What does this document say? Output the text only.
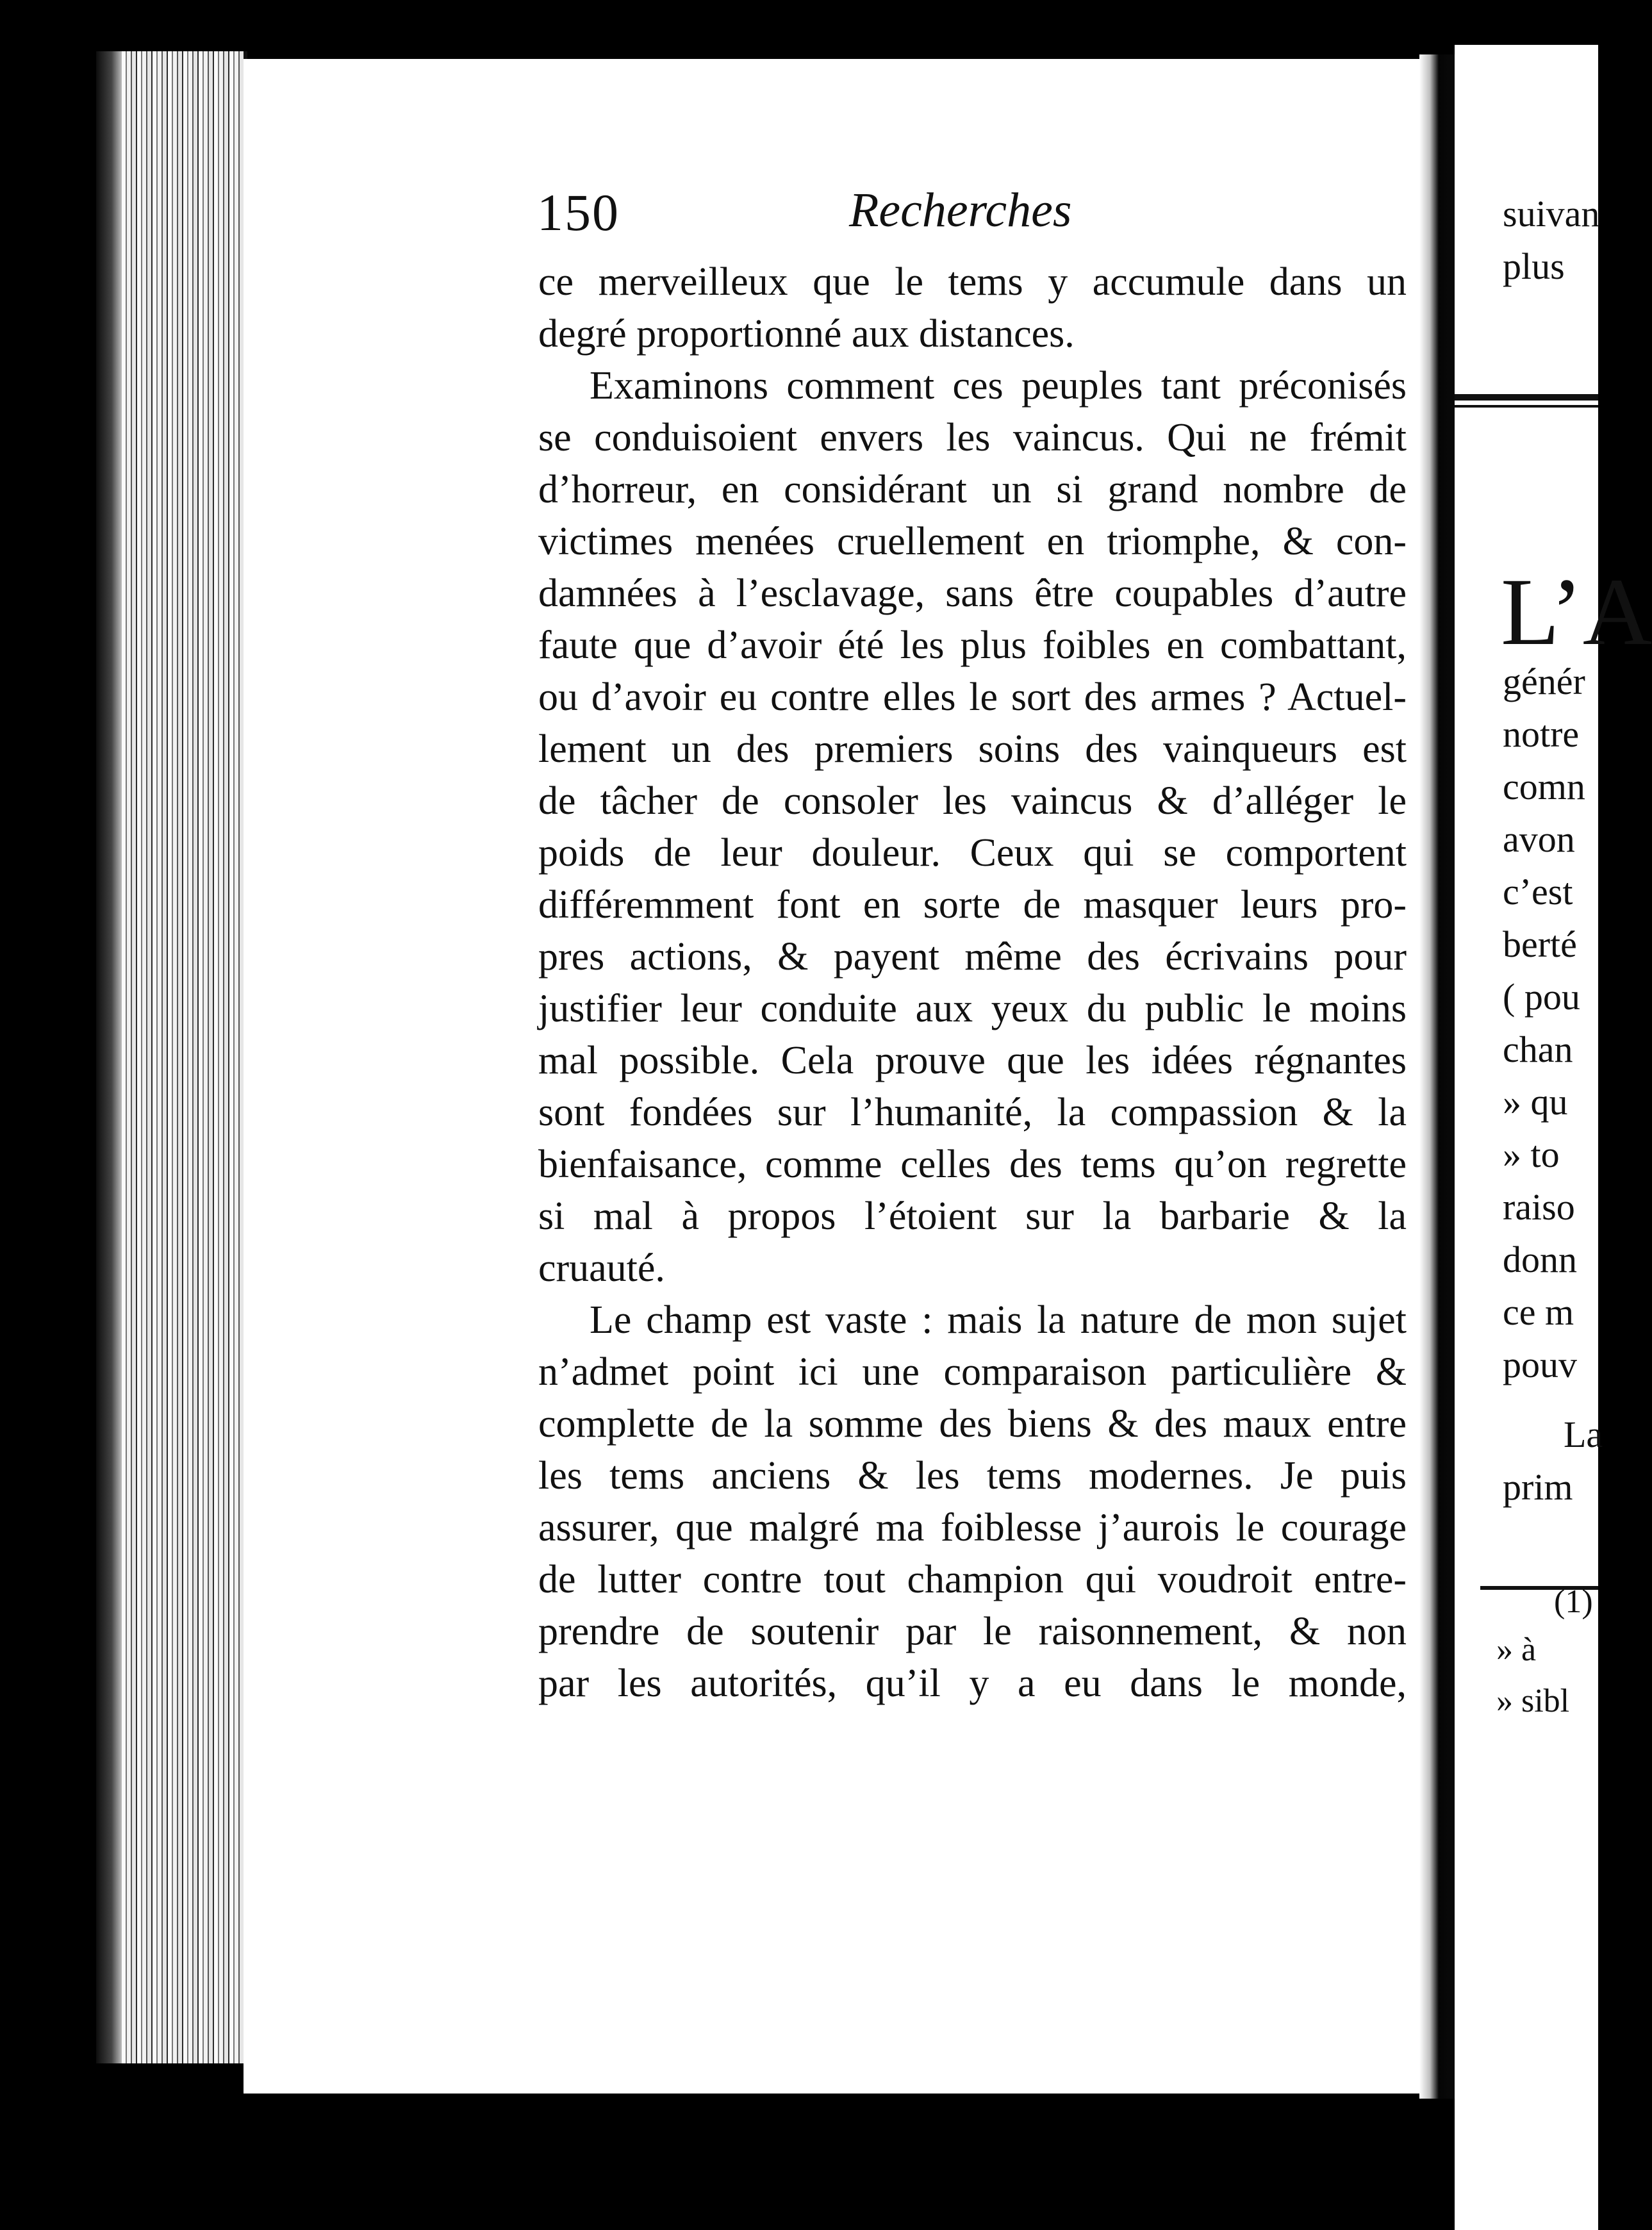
150	Recherches
ce merveilleux que le tems y accumule dans un
degré proportionné aux distances.
Examinons comment ces peuples tant préconisés
se conduisoient envers les vaincus. Qui ne frémit
d’horreur, en considérant un si grand nombre de
victimes menées cruellement en triomphe, & con-
damnées à l’esclavage, sans être coupables d’autre
faute que d’avoir été les plus foibles en combattant,
ou d’avoir eu contre elles le sort des armes ? Actuel-
lement un des premiers soins des vainqueurs est
de tâcher de consoler les vaincus & d’alléger le
poids de leur douleur. Ceux qui se comportent
différemment font en sorte de masquer leurs pro-
pres actions, & payent même des écrivains pour
justifier leur conduite aux yeux du public le moins
mal possible. Cela prouve que les idées régnantes
sont fondées sur l’humanité, la compassion & la
bienfaisance, comme celles des tems qu’on regrette
si mal à propos l’étoient sur la barbarie & la
cruauté.
Le champ est vaste : mais la nature de mon sujet
n’admet point ici une comparaison particulière &
complette de la somme des biens & des maux entre
les tems anciens & les tems modernes. Je puis
assurer, que malgré ma foiblesse j’aurois le courage
de lutter contre tout champion qui voudroit entre-
prendre de soutenir par le raisonnement, & non
par les autorités, qu’il y a eu dans le monde,
suivan
plus
L’A
génér
notre
comn
avon
c’est
berté
( pou
chan
» qu
» to
raiso
donn
ce m
pouv
La
prim
(1)
» à
» sibl
